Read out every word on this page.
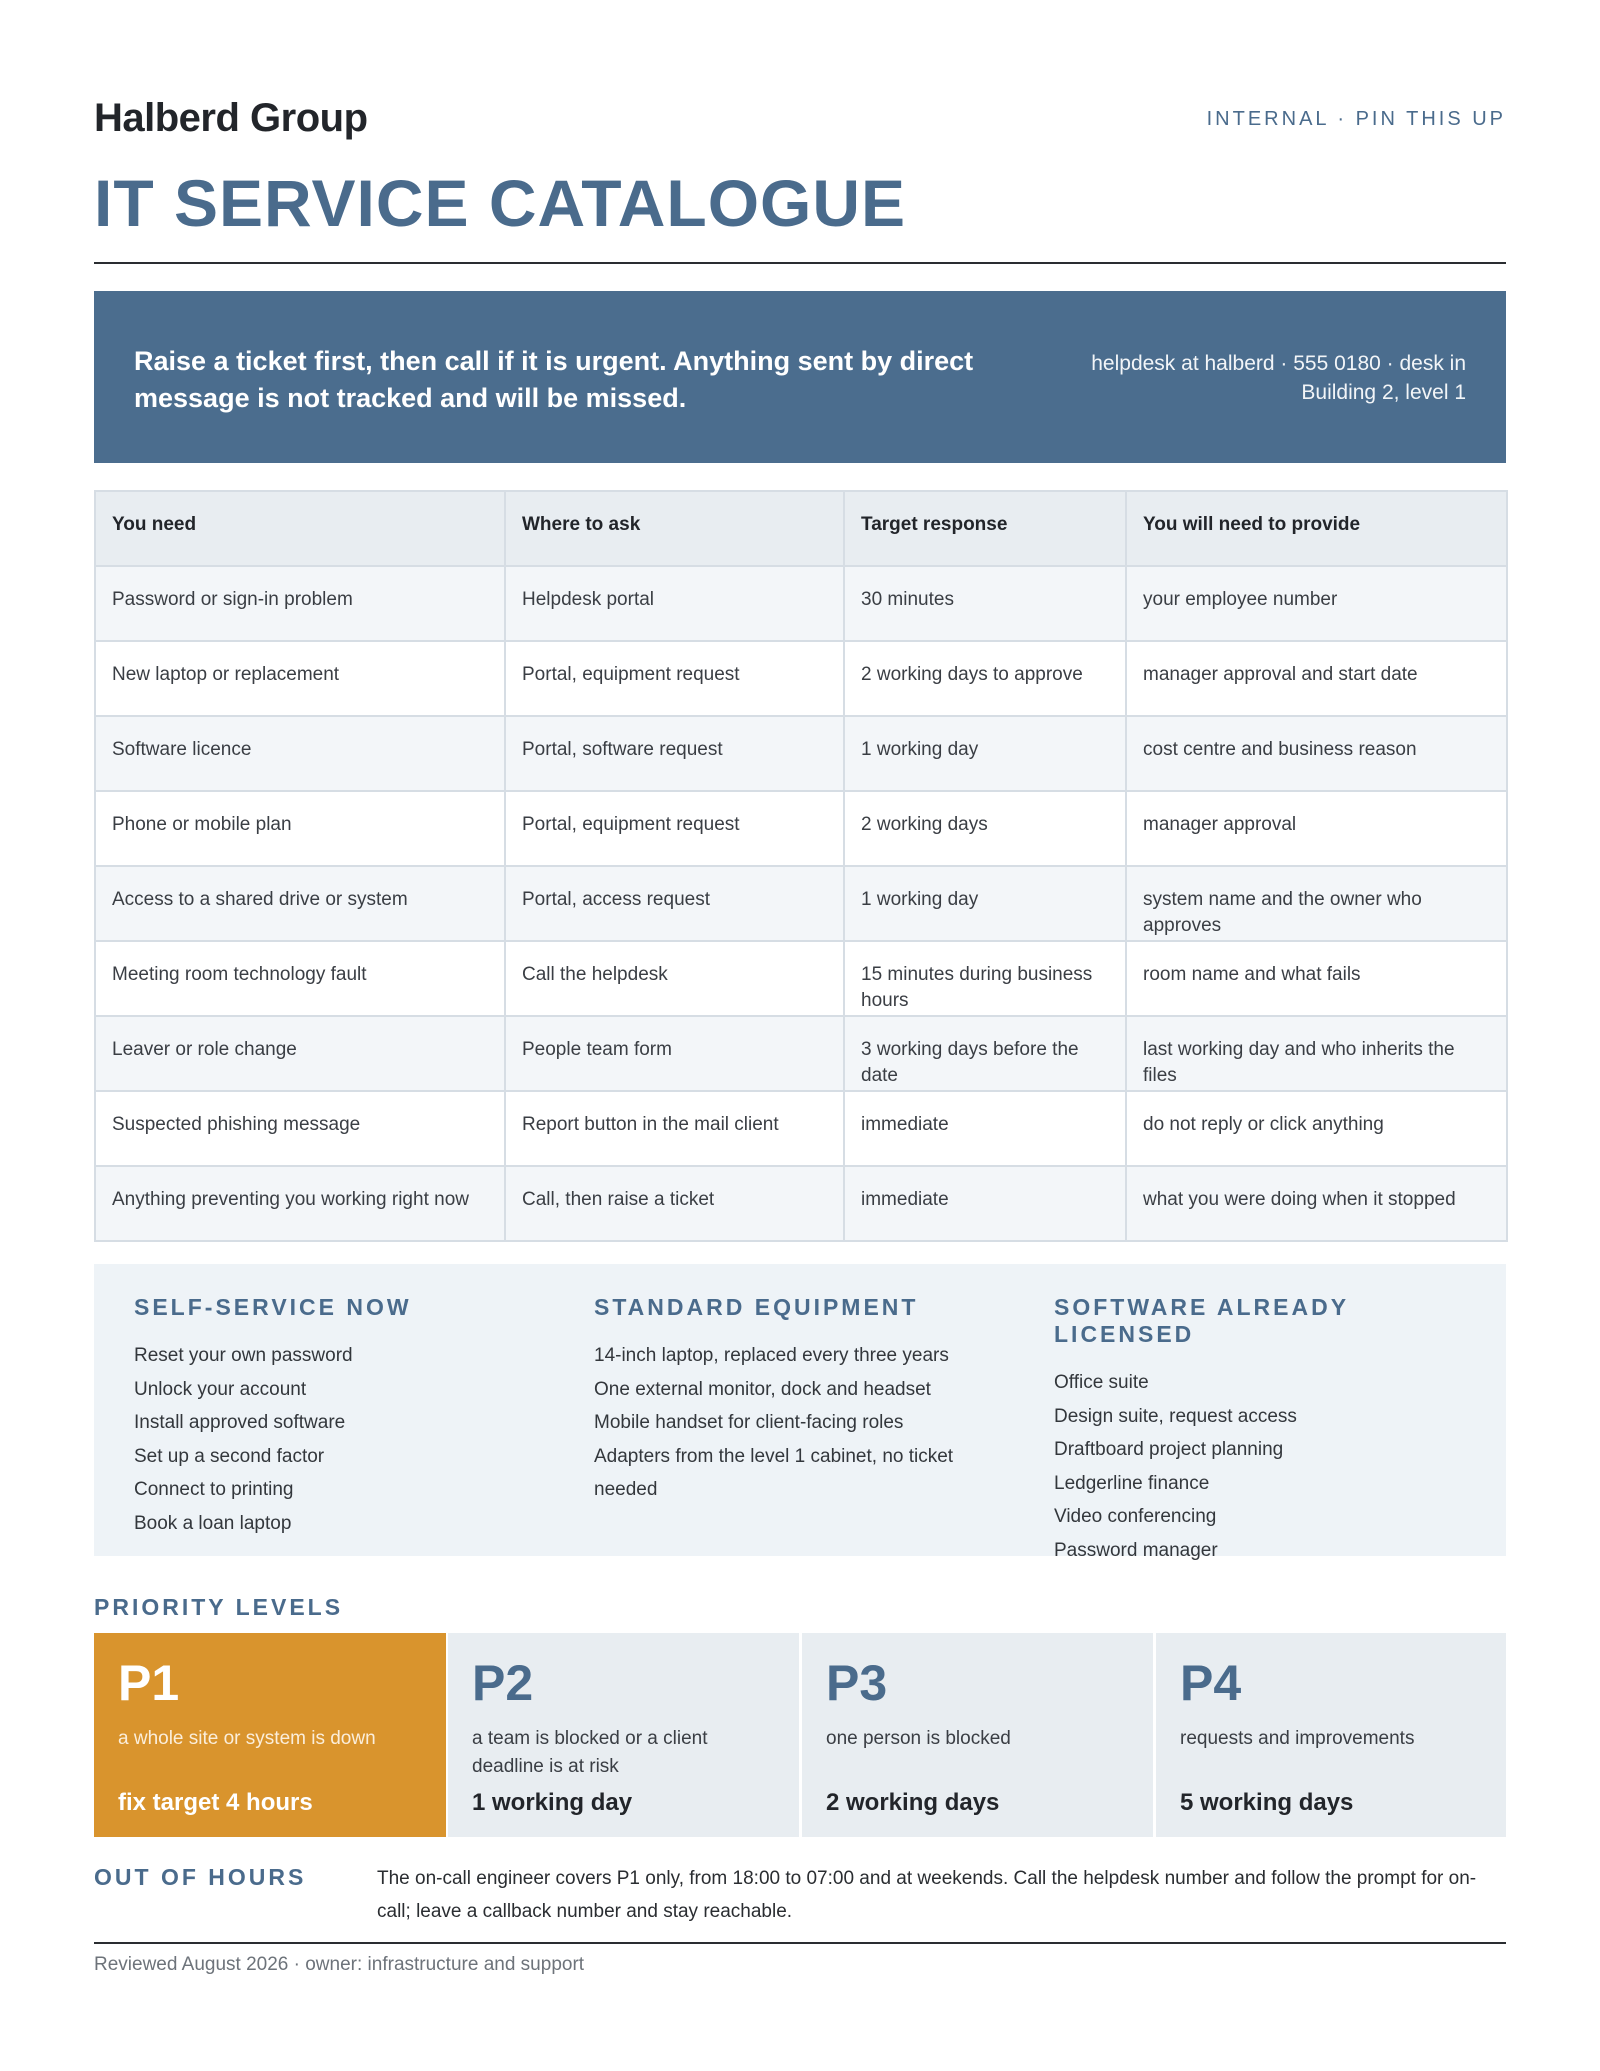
Halberd Group	INTERNAL · PIN THIS UP
IT SERVICE CATALOGUE
Raise a ticket first, then call if it is urgent. Anything sent by direct message is not tracked and will be missed.
helpdesk at halberd · 555 0180 · desk in Building 2, level 1
You need	Where to ask	Target response	You will need to provide
Password or sign-in problem	Helpdesk portal	30 minutes	your employee number
New laptop or replacement	Portal, equipment request	2 working days to approve	manager approval and start date
Software licence	Portal, software request	1 working day	cost centre and business reason
Phone or mobile plan	Portal, equipment request	2 working days	manager approval
Access to a shared drive or system	Portal, access request	1 working day	system name and the owner who approves
Meeting room technology fault	Call the helpdesk	15 minutes during business hours	room name and what fails
Leaver or role change	People team form	3 working days before the date	last working day and who inherits the files
Suspected phishing message	Report button in the mail client	immediate	do not reply or click anything
Anything preventing you working right now	Call, then raise a ticket	immediate	what you were doing when it stopped
SELF-SERVICE NOW
Reset your own password
Unlock your account
Install approved software
Set up a second factor
Connect to printing
Book a loan laptop
STANDARD EQUIPMENT
14-inch laptop, replaced every three years
One external monitor, dock and headset
Mobile handset for client-facing roles
Adapters from the level 1 cabinet, no ticket needed
SOFTWARE ALREADY LICENSED
Office suite
Design suite, request access
Draftboard project planning
Ledgerline finance
Video conferencing
Password manager
PRIORITY LEVELS
P1
a whole site or system is down
fix target 4 hours
P2
a team is blocked or a client deadline is at risk
1 working day
P3
one person is blocked
2 working days
P4
requests and improvements
5 working days
OUT OF HOURS	The on-call engineer covers P1 only, from 18:00 to 07:00 and at weekends. Call the helpdesk number and follow the prompt for on-call; leave a callback number and stay reachable.
Reviewed August 2026 · owner: infrastructure and support
